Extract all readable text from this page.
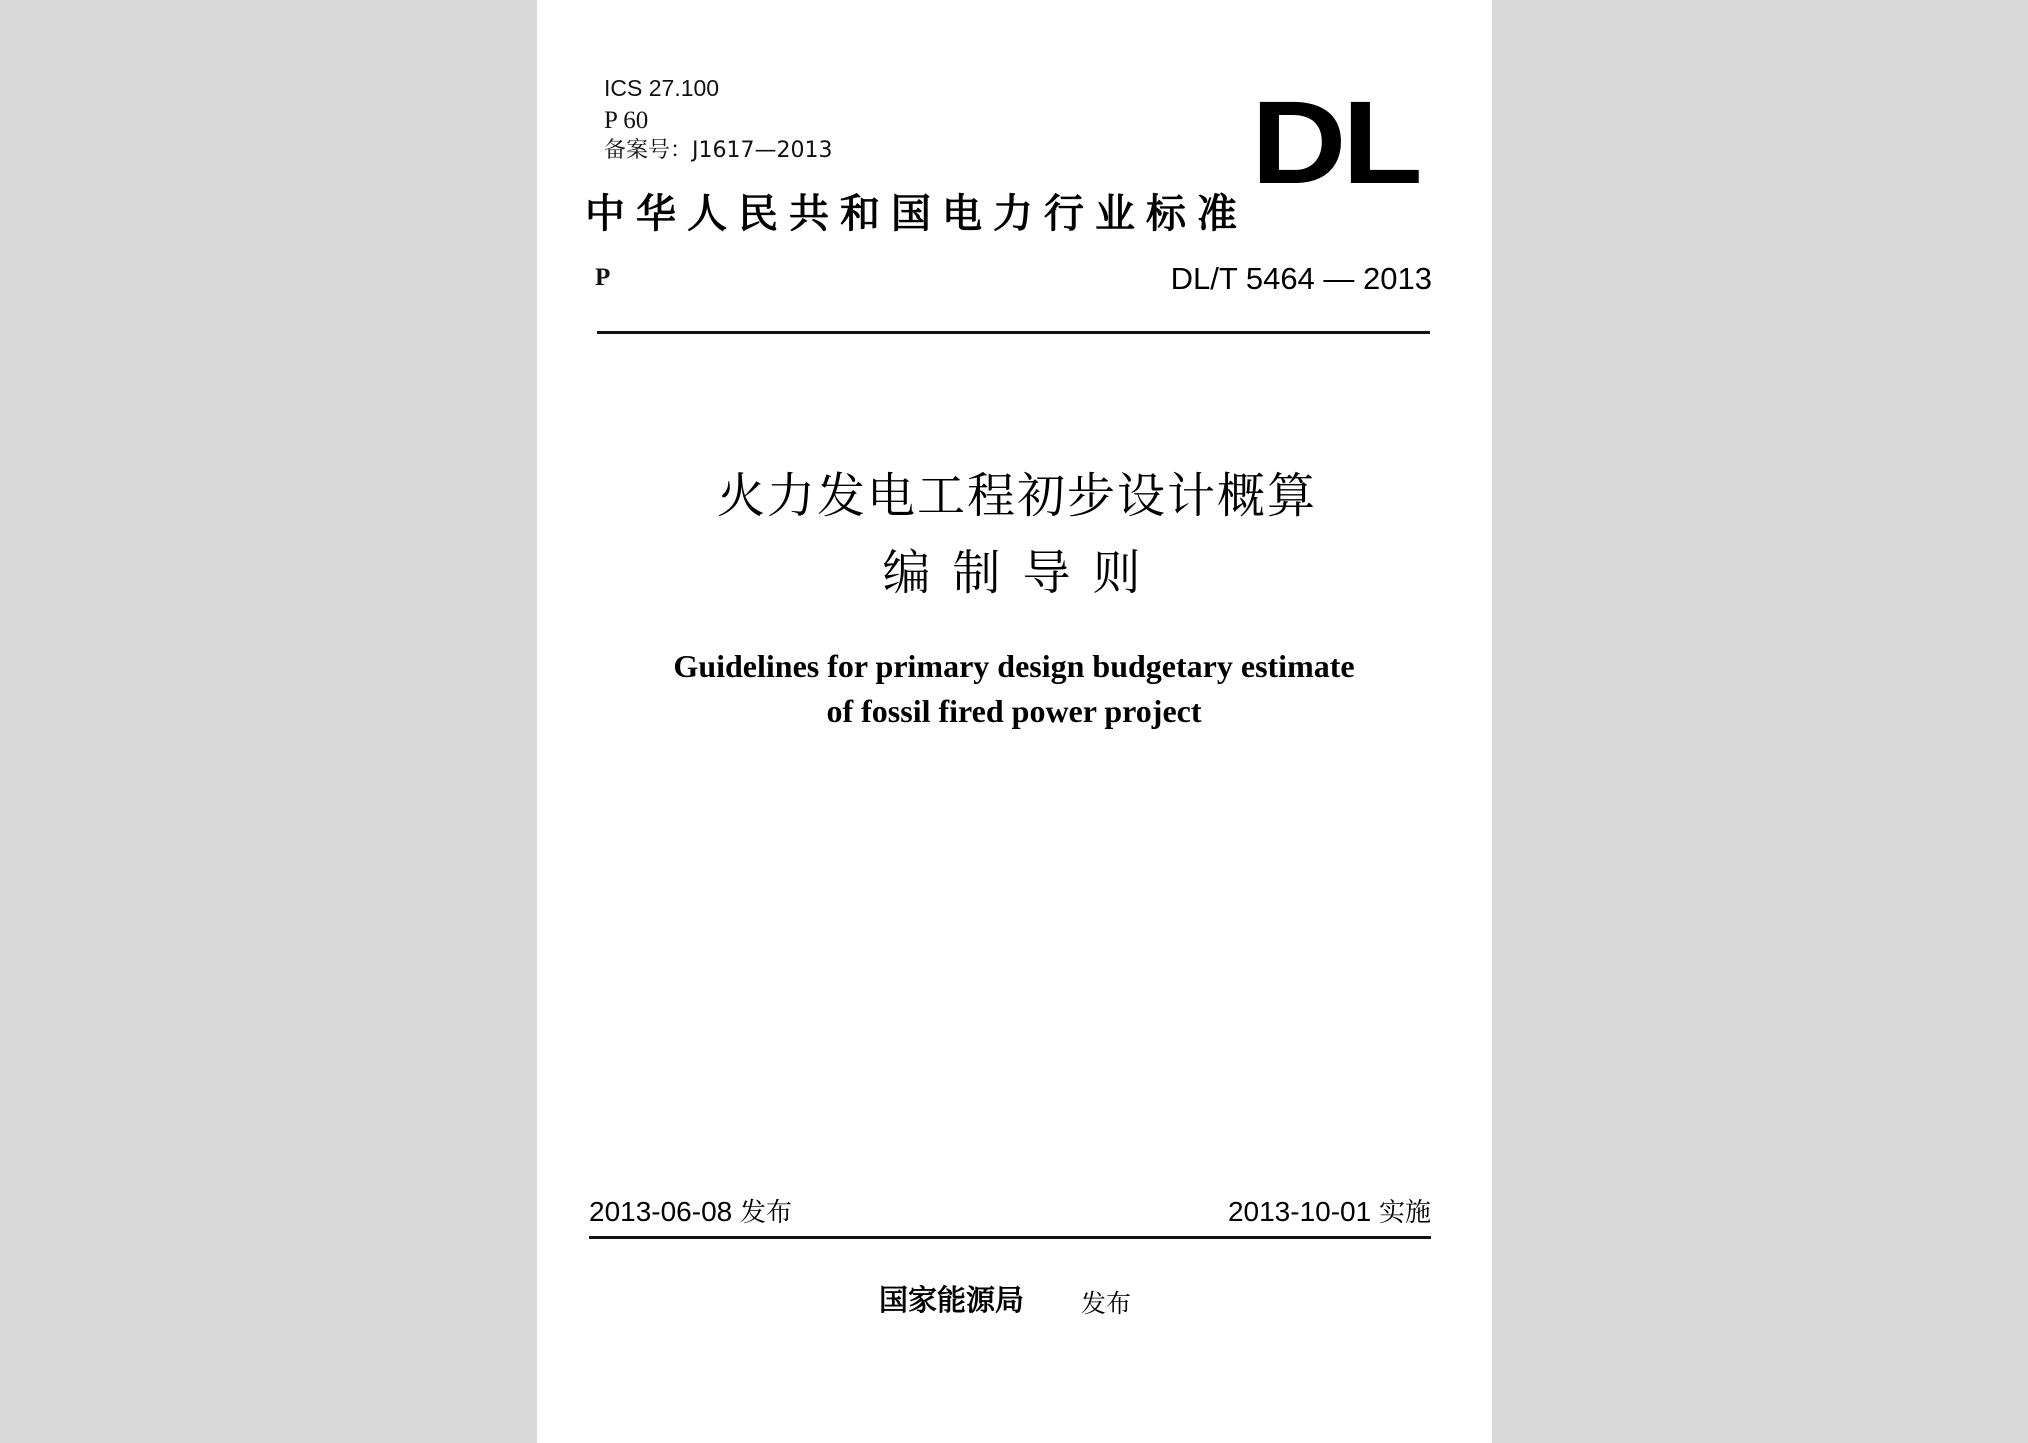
ICS 27.100
P 60
备案号：J1617—2013	DL
中华人民共和国电力行业标准
P	DL/T 5464 — 2013
火力发电工程初步设计概算
编制导则
Guidelines for primary design budgetary estimate
of fossil fired power project
2013-06-08 发布	2013-10-01 实施
国家能源局 发布
